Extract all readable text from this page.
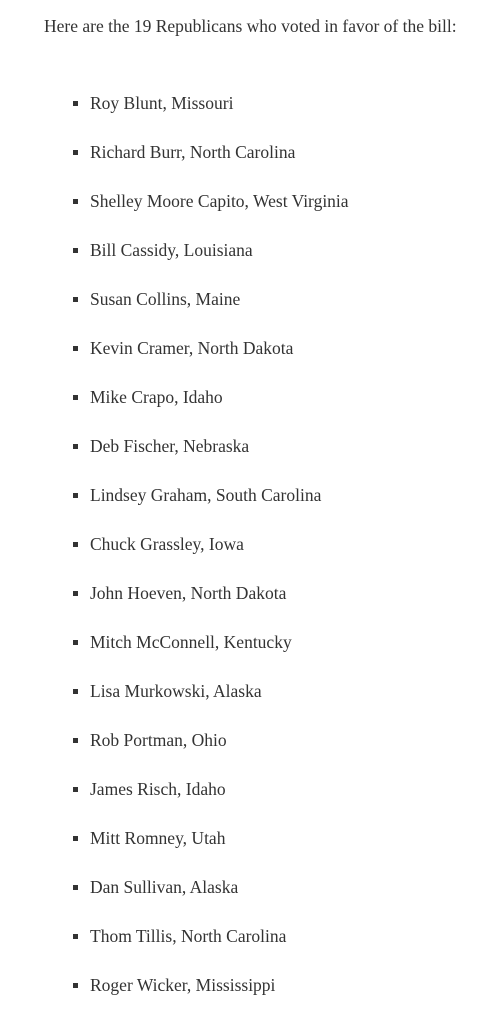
Here are the 19 Republicans who voted in favor of the bill:

Roy Blunt, Missouri
Richard Burr, North Carolina
Shelley Moore Capito, West Virginia
Bill Cassidy, Louisiana
Susan Collins, Maine
Kevin Cramer, North Dakota
Mike Crapo, Idaho
Deb Fischer, Nebraska
Lindsey Graham, South Carolina
Chuck Grassley, Iowa
John Hoeven, North Dakota
Mitch McConnell, Kentucky
Lisa Murkowski, Alaska
Rob Portman, Ohio
James Risch, Idaho
Mitt Romney, Utah
Dan Sullivan, Alaska
Thom Tillis, North Carolina
Roger Wicker, Mississippi
